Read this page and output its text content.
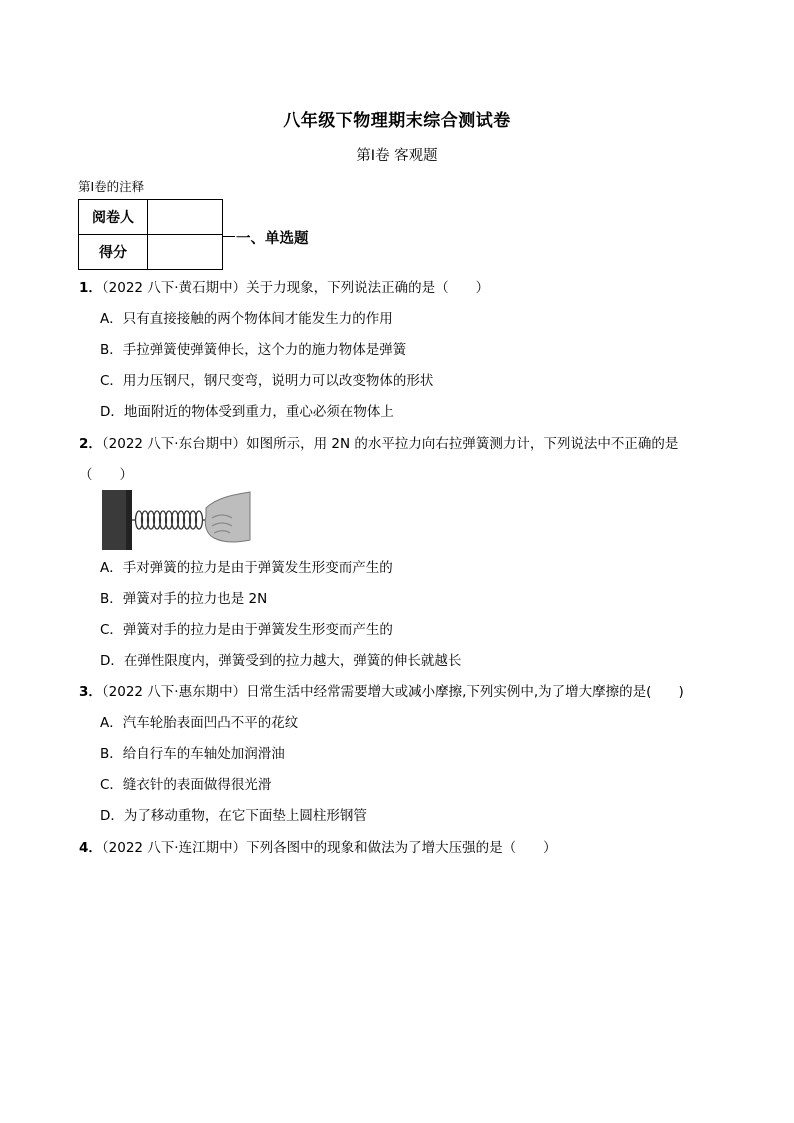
八年级下物理期末综合测试卷
第Ⅰ卷 客观题
第Ⅰ卷的注释
阅卷人	
得分	
一、单选题
1．（2022 八下·黄石期中）关于力现象，下列说法正确的是（　　）
A．只有直接接触的两个物体间才能发生力的作用
B．手拉弹簧使弹簧伸长，这个力的施力物体是弹簧
C．用力压钢尺，钢尺变弯，说明力可以改变物体的形状
D．地面附近的物体受到重力，重心必须在物体上
2．（2022 八下·东台期中）如图所示，用 2N 的水平拉力向右拉弹簧测力计，下列说法中不正确的是（　　）
A．手对弹簧的拉力是由于弹簧发生形变而产生的
B．弹簧对手的拉力也是 2N
C．弹簧对手的拉力是由于弹簧发生形变而产生的
D．在弹性限度内，弹簧受到的拉力越大，弹簧的伸长就越长
3．（2022 八下·惠东期中）日常生活中经常需要增大或减小摩擦,下列实例中,为了增大摩擦的是(　　)
A．汽车轮胎表面凹凸不平的花纹
B．给自行车的车轴处加润滑油
C．缝衣针的表面做得很光滑
D．为了移动重物，在它下面垫上圆柱形钢管
4．（2022 八下·连江期中）下列各图中的现象和做法为了增大压强的是（　　）
